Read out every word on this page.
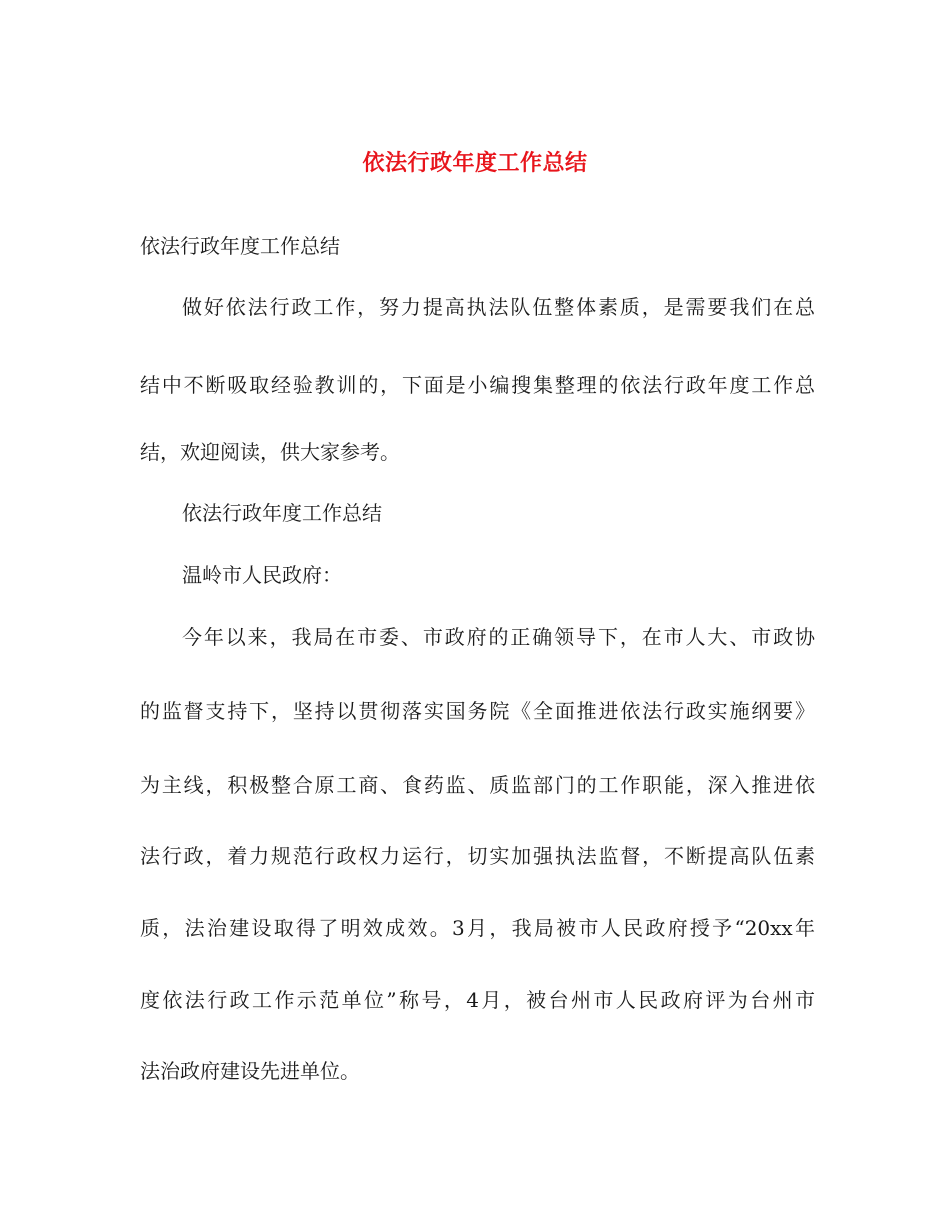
依法行政年度工作总结
依法行政年度工作总结
做好依法行政工作，努力提高执法队伍整体素质，是需要我们在总
结中不断吸取经验教训的，下面是小编搜集整理的依法行政年度工作总
结，欢迎阅读，供大家参考。
依法行政年度工作总结
温岭市人民政府：
今年以来，我局在市委、市政府的正确领导下，在市人大、市政协
的监督支持下，坚持以贯彻落实国务院《全面推进依法行政实施纲要》
为主线，积极整合原工商、食药监、质监部门的工作职能，深入推进依
法行政，着力规范行政权力运行，切实加强执法监督，不断提高队伍素
质，法治建设取得了明效成效。3月，我局被市人民政府授予“20xx年
度依法行政工作示范单位”称号，4月，被台州市人民政府评为台州市
法治政府建设先进单位。
